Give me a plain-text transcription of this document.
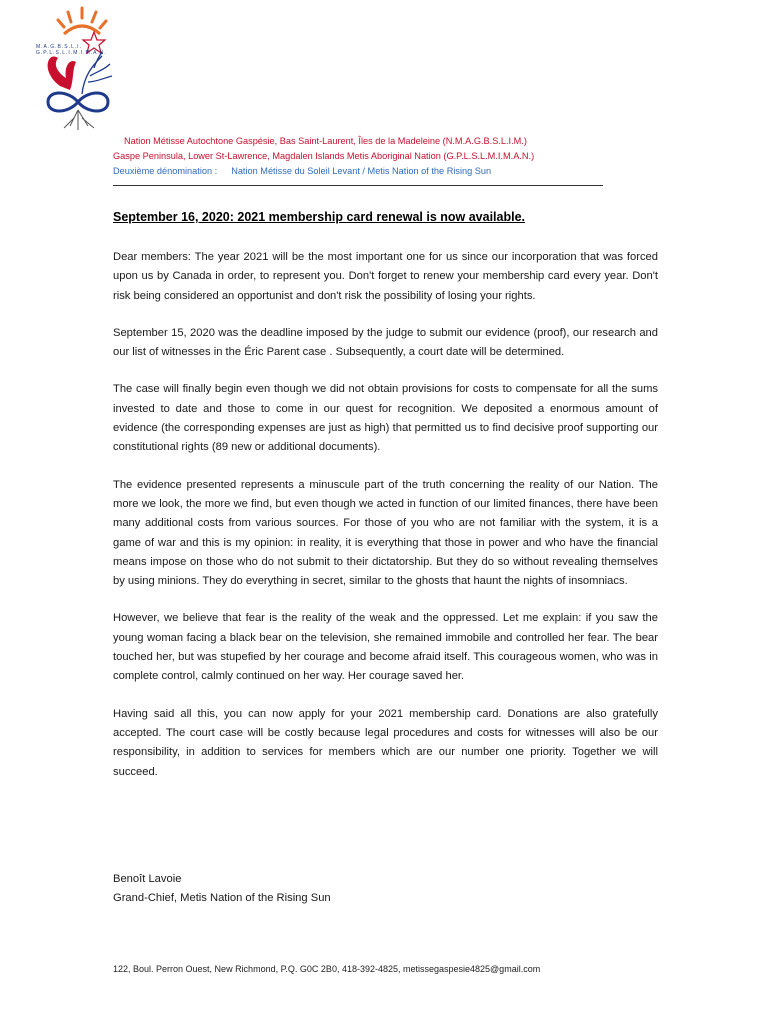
M.A.G.B.S.L.I.
G.P.L.S.L.I.M.I.M.A.N.
Nation Métisse Autochtone Gaspésie, Bas Saint-Laurent, Îles de la Madeleine (N.M.A.G.B.S.L.I.M.)
Gaspe Peninsula, Lower St-Lawrence, Magdalen Islands Metis Aboriginal Nation (G.P.L.S.L.M.I.M.A.N.)
Deuxième dénomination : Nation Métisse du Soleil Levant / Metis Nation of the Rising Sun
September 16, 2020: 2021 membership card renewal is now available.

Dear members: The year 2021 will be the most important one for us since our incorporation that was forced upon us by Canada in order, to represent you. Don't forget to renew your membership card every year. Don't risk being considered an opportunist and don't risk the possibility of losing your rights.

September 15, 2020 was the deadline imposed by the judge to submit our evidence (proof), our research and our list of witnesses in the Éric Parent case . Subsequently, a court date will be determined.

The case will finally begin even though we did not obtain provisions for costs to compensate for all the sums invested to date and those to come in our quest for recognition. We deposited a enormous amount of evidence (the corresponding expenses are just as high) that permitted us to find decisive proof supporting our constitutional rights (89 new or additional documents).

The evidence presented represents a minuscule part of the truth concerning the reality of our Nation. The more we look, the more we find, but even though we acted in function of our limited finances, there have been many additional costs from various sources. For those of you who are not familiar with the system, it is a game of war and this is my opinion: in reality, it is everything that those in power and who have the financial means impose on those who do not submit to their dictatorship. But they do so without revealing themselves by using minions. They do everything in secret, similar to the ghosts that haunt the nights of insomniacs.

However, we believe that fear is the reality of the weak and the oppressed. Let me explain: if you saw the young woman facing a black bear on the television, she remained immobile and controlled her fear. The bear touched her, but was stupefied by her courage and become afraid itself. This courageous women, who was in complete control, calmly continued on her way. Her courage saved her.

Having said all this, you can now apply for your 2021 membership card. Donations are also gratefully accepted. The court case will be costly because legal procedures and costs for witnesses will also be our responsibility, in addition to services for members which are our number one priority. Together we will succeed.

Benoît Lavoie
Grand-Chief, Metis Nation of the Rising Sun
122, Boul. Perron Ouest, New Richmond, P.Q. G0C 2B0, 418-392-4825, metissegaspesie4825@gmail.com
